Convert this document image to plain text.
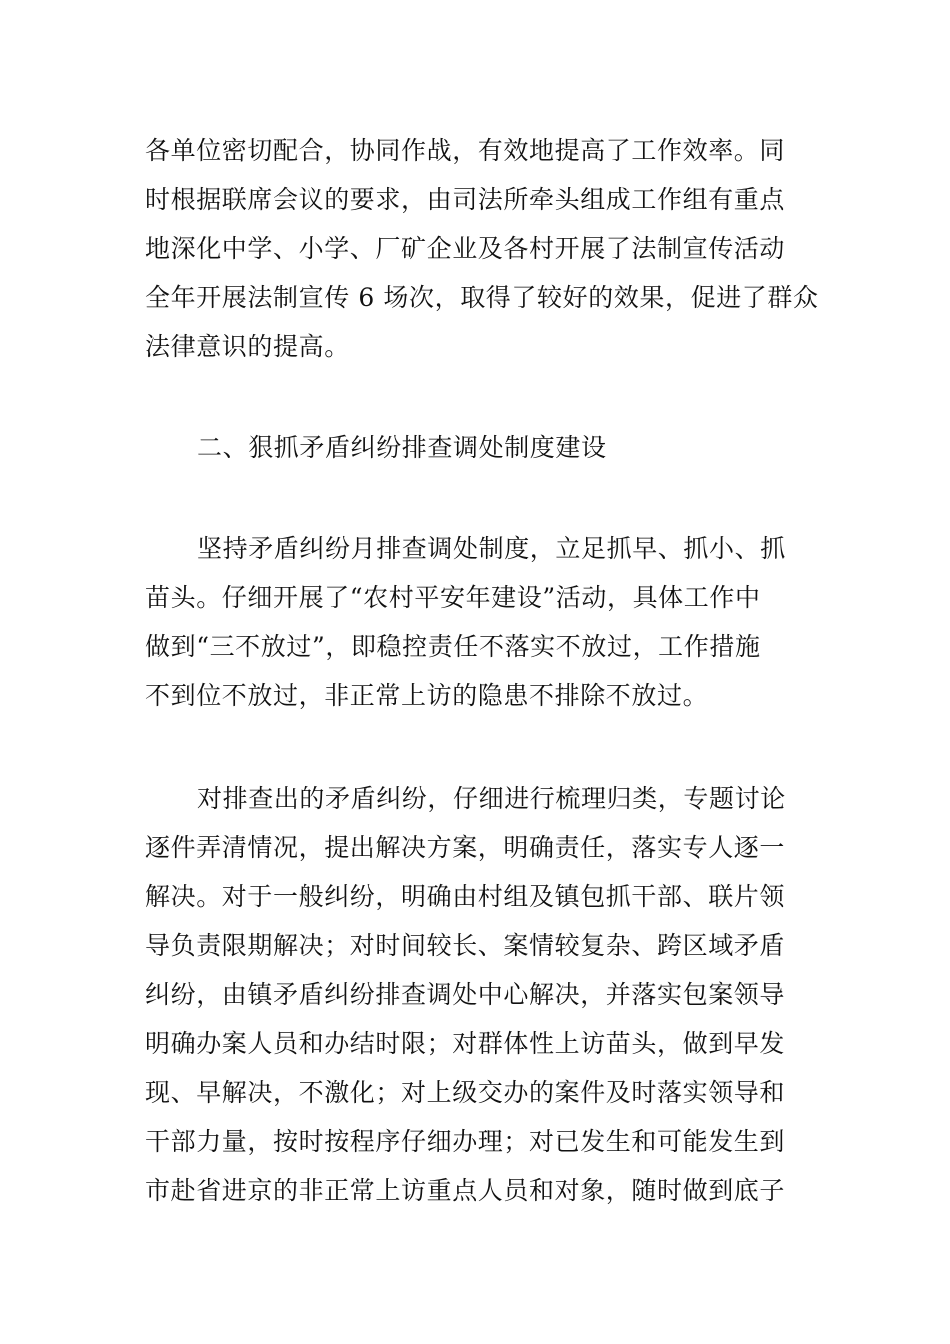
各单位密切配合，协同作战，有效地提高了工作效率。同
时根据联席会议的要求，由司法所牵头组成工作组有重点
地深化中学、小学、厂矿企业及各村开展了法制宣传活动
全年开展法制宣传 6 场次，取得了较好的效果，促进了群众
法律意识的提高。
二、狠抓矛盾纠纷排查调处制度建设
坚持矛盾纠纷月排查调处制度，立足抓早、抓小、抓
苗头。仔细开展了“农村平安年建设”活动，具体工作中
做到“三不放过”，即稳控责任不落实不放过，工作措施
不到位不放过，非正常上访的隐患不排除不放过。
对排查出的矛盾纠纷，仔细进行梳理归类，专题讨论
逐件弄清情况，提出解决方案，明确责任，落实专人逐一
解决。对于一般纠纷，明确由村组及镇包抓干部、联片领
导负责限期解决；对时间较长、案情较复杂、跨区域矛盾
纠纷，由镇矛盾纠纷排查调处中心解决，并落实包案领导
明确办案人员和办结时限；对群体性上访苗头，做到早发
现、早解决，不激化；对上级交办的案件及时落实领导和
干部力量，按时按程序仔细办理；对已发生和可能发生到
市赴省进京的非正常上访重点人员和对象，随时做到底子
